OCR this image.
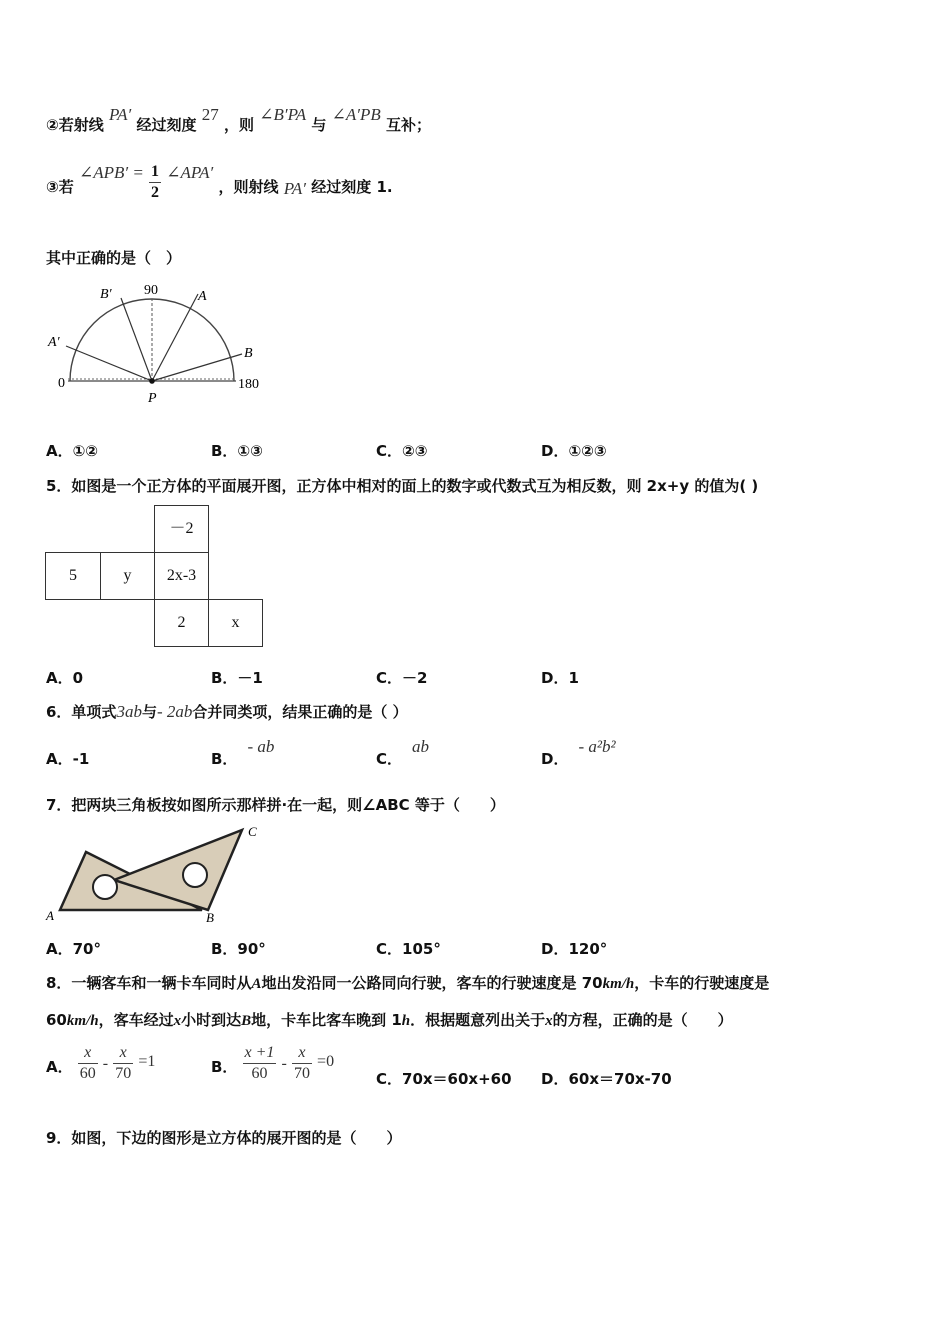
②若射线 PA′ 经过刻度 27 ，则 ∠B′PA 与 ∠A′PB 互补；
③若 ∠APB′ = $\frac{1}{2}$ ∠APA′ ，则射线 PA′ 经过刻度 1.
其中正确的是（　）
B′ 90	A
A′
B
0	180
P
A．①②	B．①③	C．②③	D．①②③
5．如图是一个正方体的平面展开图，正方体中相对的面上的数字或代数式互为相反数，则 2x+y 的值为( )
－2
5	y	2x-3
2	x
A．0	B．－1	C．－2	D．1
6．单项式3ab与- 2ab合并同类项，结果正确的是（ ）
A．-1	B．- ab
C．ab
D．- a²b²
7．把两块三角板按如图所示那样拼·在一起，则∠ABC 等于（　　）
A	B
C
A．70°	B．90°	C．105°	D．120°
8．一辆客车和一辆卡车同时从A地出发沿同一公路同向行驶，客车的行驶速度是 70km/h，卡车的行驶速度是
60km/h，客车经过x小时到达B地，卡车比客车晚到 1h．根据题意列出关于x的方程，正确的是（　　）
A． $\frac{x}{60} - \frac{x}{70} =1$	B． $\frac{x +1}{60} - \frac{x}{70} =0$
C．70x＝60x+60 D．60x＝70x-70
9．如图，下边的图形是立方体的展开图的是（　　）
